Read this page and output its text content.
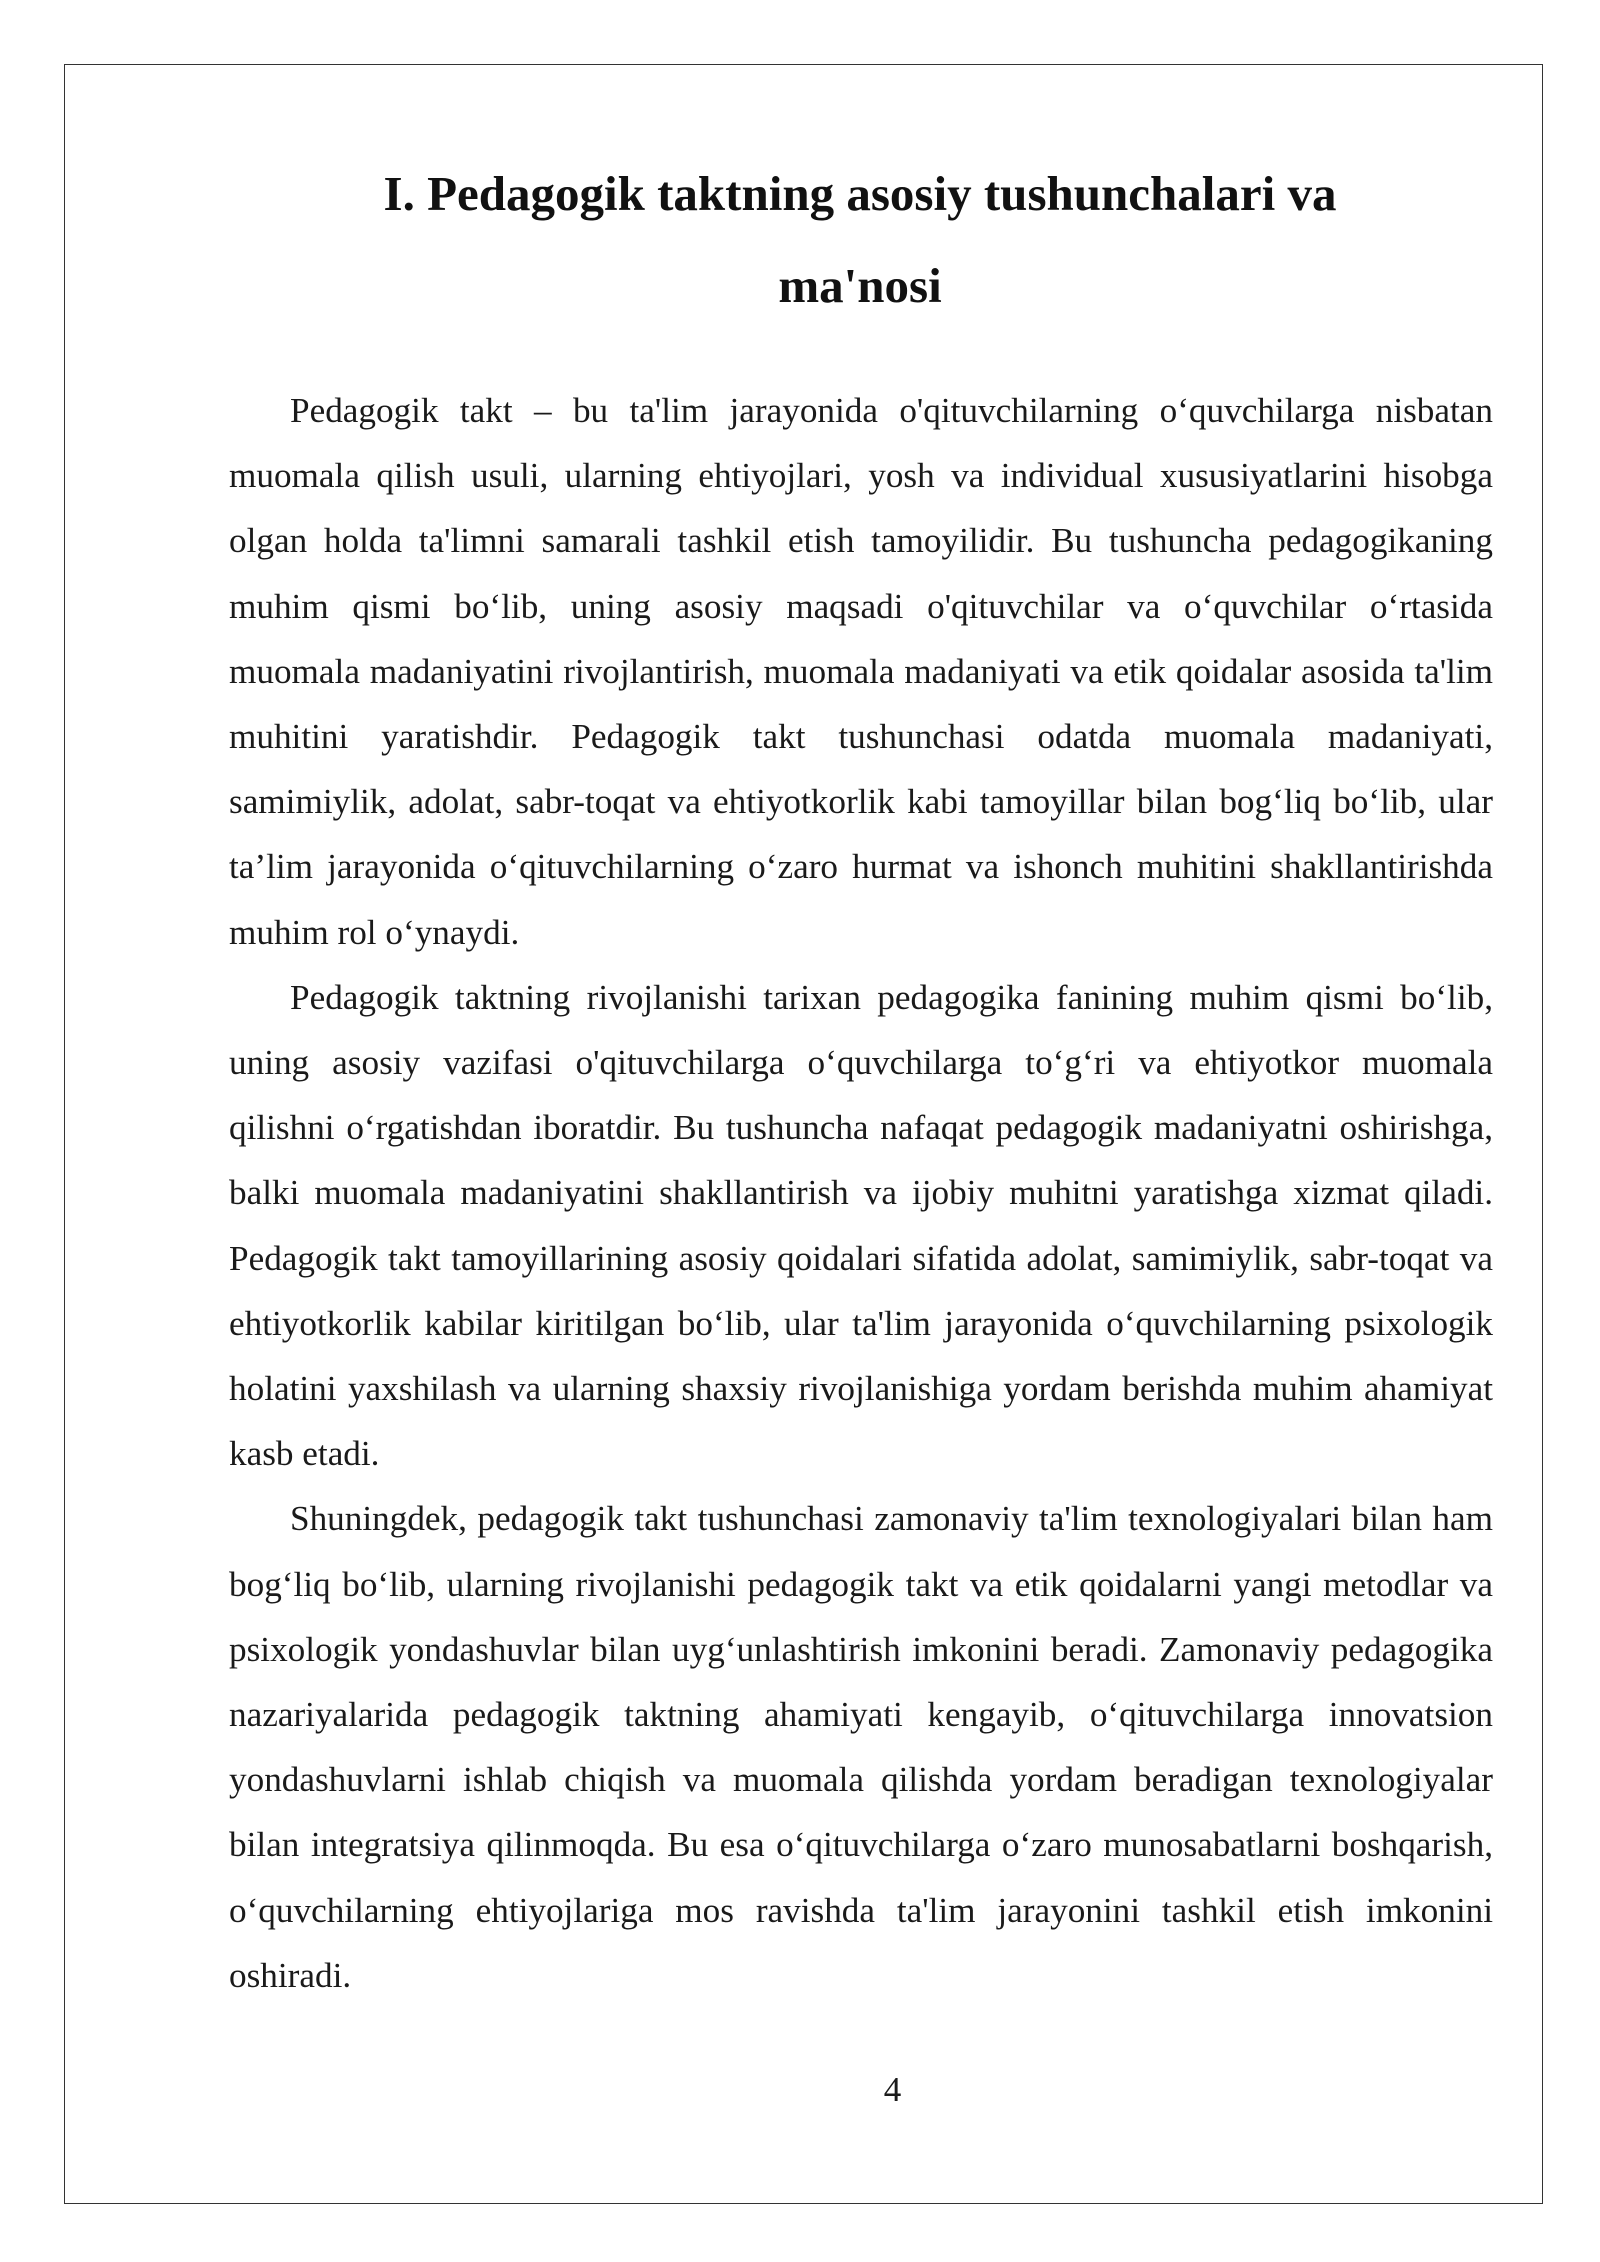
I. Pedagogik taktning asosiy tushunchalari va ma'nosi

Pedagogik takt – bu ta'lim jarayonida o'qituvchilarning o‘quvchilarga nisbatan muomala qilish usuli, ularning ehtiyojlari, yosh va individual xususiyatlarini hisobga olgan holda ta'limni samarali tashkil etish tamoyilidir. Bu tushuncha pedagogikaning muhim qismi bo‘lib, uning asosiy maqsadi o'qituvchilar va o‘quvchilar o‘rtasida muomala madaniyatini rivojlantirish, muomala madaniyati va etik qoidalar asosida ta'lim muhitini yaratishdir. Pedagogik takt tushunchasi odatda muomala madaniyati, samimiylik, adolat, sabr-toqat va ehtiyotkorlik kabi tamoyillar bilan bog‘liq bo‘lib, ular ta’lim jarayonida o‘qituvchilarning o‘zaro hurmat va ishonch muhitini shakllantirishda muhim rol o‘ynaydi.

Pedagogik taktning rivojlanishi tarixan pedagogika fanining muhim qismi bo‘lib, uning asosiy vazifasi o'qituvchilarga o‘quvchilarga to‘g‘ri va ehtiyotkor muomala qilishni o‘rgatishdan iboratdir. Bu tushuncha nafaqat pedagogik madaniyatni oshirishga, balki muomala madaniyatini shakllantirish va ijobiy muhitni yaratishga xizmat qiladi. Pedagogik takt tamoyillarining asosiy qoidalari sifatida adolat, samimiylik, sabr-toqat va ehtiyotkorlik kabilar kiritilgan bo‘lib, ular ta'lim jarayonida o‘quvchilarning psixologik holatini yaxshilash va ularning shaxsiy rivojlanishiga yordam berishda muhim ahamiyat kasb etadi.

Shuningdek, pedagogik takt tushunchasi zamonaviy ta'lim texnologiyalari bilan ham bog‘liq bo‘lib, ularning rivojlanishi pedagogik takt va etik qoidalarni yangi metodlar va psixologik yondashuvlar bilan uyg‘unlashtirish imkonini beradi. Zamonaviy pedagogika nazariyalarida pedagogik taktning ahamiyati kengayib, o‘qituvchilarga innovatsion yondashuvlarni ishlab chiqish va muomala qilishda yordam beradigan texnologiyalar bilan integratsiya qilinmoqda. Bu esa o‘qituvchilarga o‘zaro munosabatlarni boshqarish, o‘quvchilarning ehtiyojlariga mos ravishda ta'lim jarayonini tashkil etish imkonini oshiradi.

4
